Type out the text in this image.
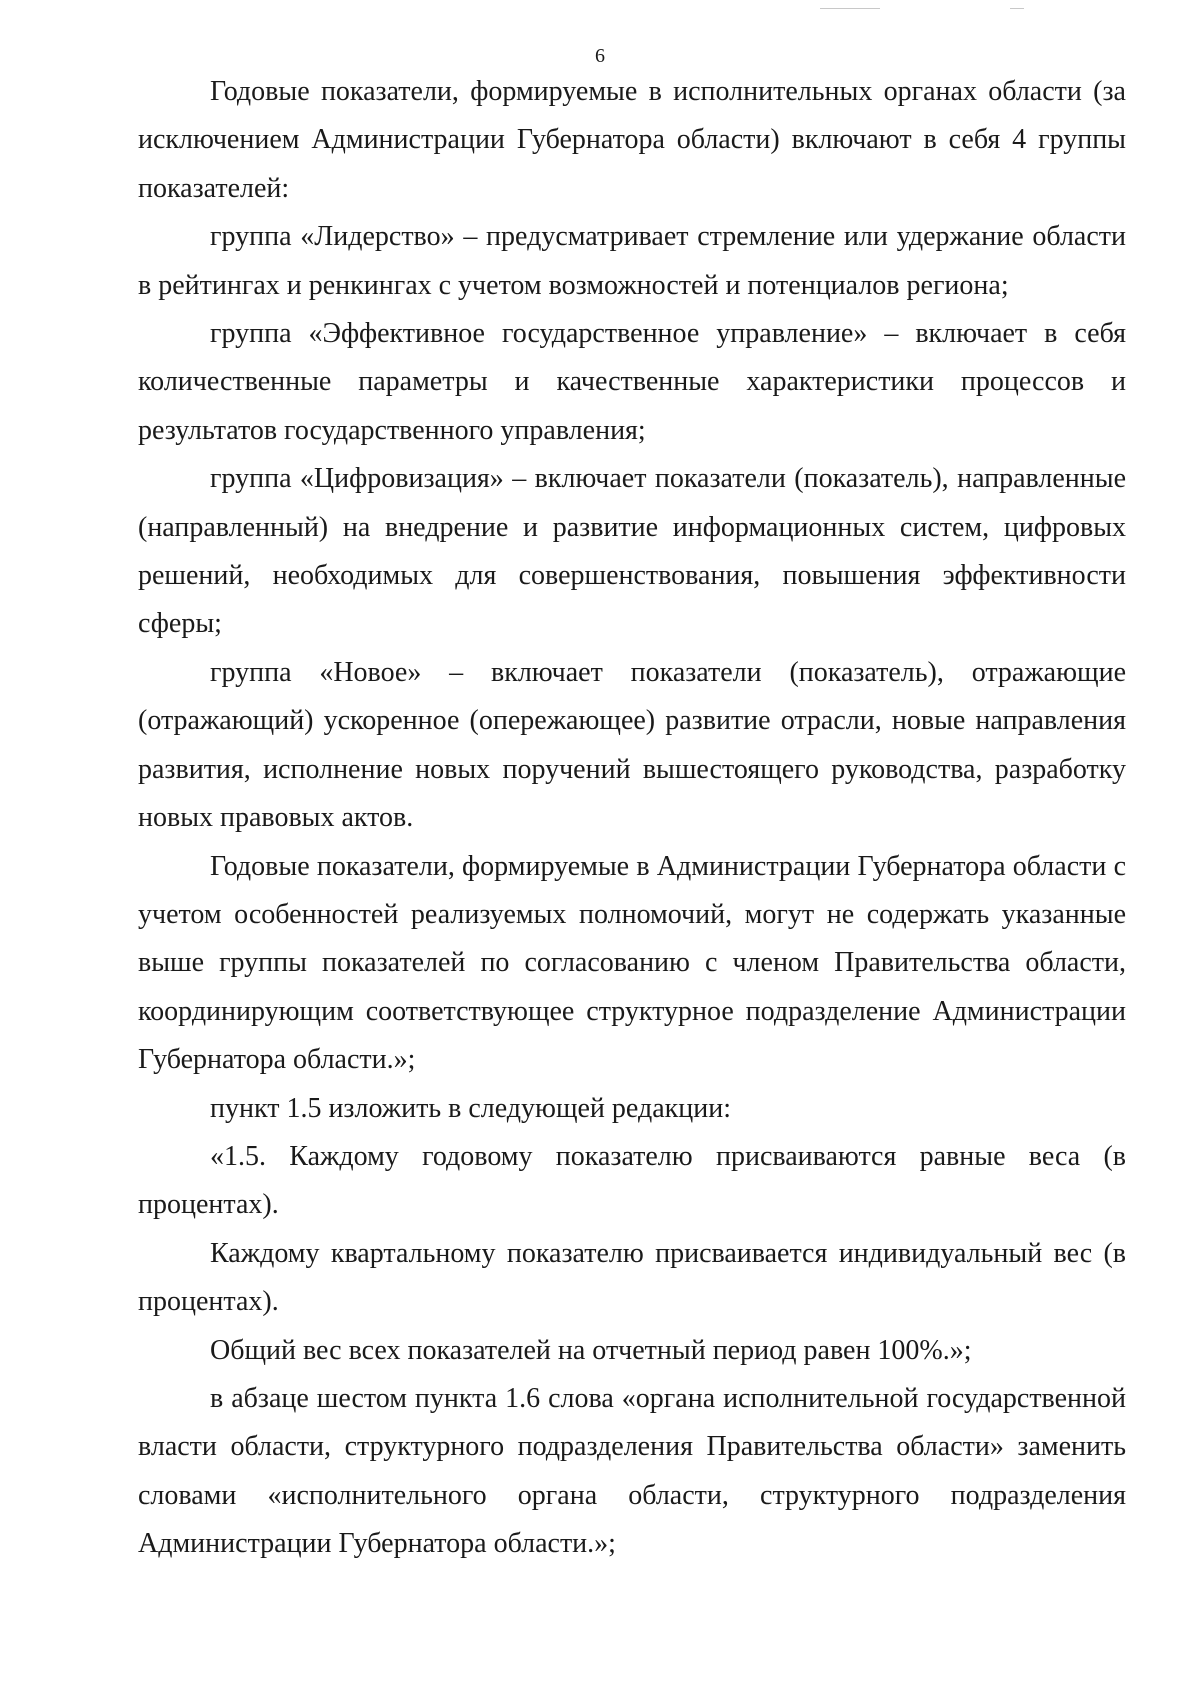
6

Годовые показатели, формируемые в исполнительных органах области (за исключением Администрации Губернатора области) включают в себя 4 группы показателей:

группа «Лидерство» – предусматривает стремление или удержание области в рейтингах и ренкингах с учетом возможностей и потенциалов региона;

группа «Эффективное государственное управление» – включает в себя количественные параметры и качественные характеристики процессов и результатов государственного управления;

группа «Цифровизация» – включает показатели (показатель), направленные (направленный) на внедрение и развитие информационных систем, цифровых решений, необходимых для совершенствования, повышения эффективности сферы;

группа «Новое» – включает показатели (показатель), отражающие (отражающий) ускоренное (опережающее) развитие отрасли, новые направления развития, исполнение новых поручений вышестоящего руководства, разработку новых правовых актов.

Годовые показатели, формируемые в Администрации Губернатора области с учетом особенностей реализуемых полномочий, могут не содержать указанные выше группы показателей по согласованию с членом Правительства области, координирующим соответствующее структурное подразделение Администрации Губернатора области.»;

пункт 1.5 изложить в следующей редакции:

«1.5. Каждому годовому показателю присваиваются равные веса (в процентах).

Каждому квартальному показателю присваивается индивидуальный вес (в процентах).

Общий вес всех показателей на отчетный период равен 100%.»;

в абзаце шестом пункта 1.6 слова «органа исполнительной государственной власти области, структурного подразделения Правительства области» заменить словами «исполнительного органа области, структурного подразделения Администрации Губернатора области.»;
